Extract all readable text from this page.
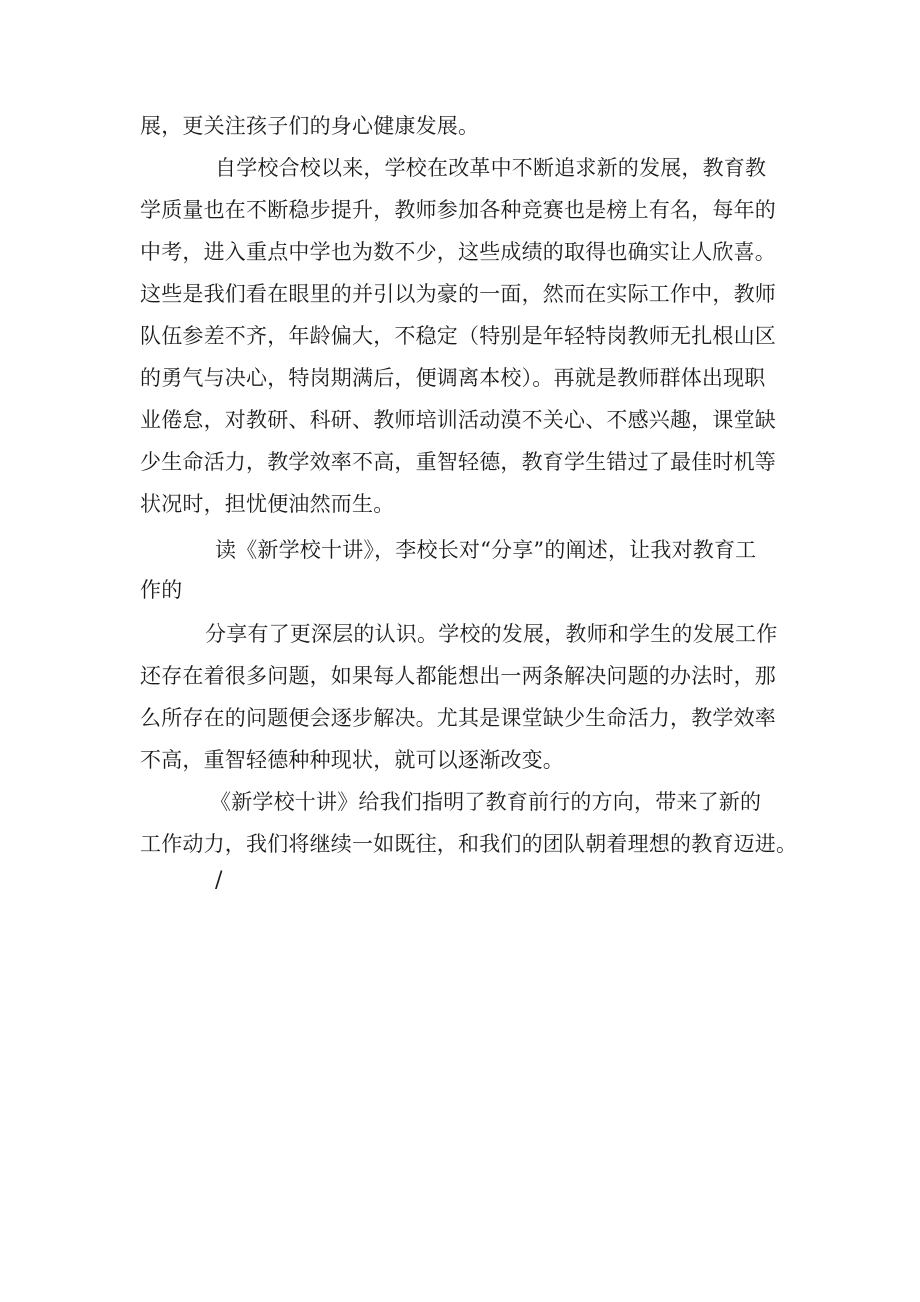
展，更关注孩子们的身心健康发展。
自学校合校以来，学校在改革中不断追求新的发展，教育教
学质量也在不断稳步提升，教师参加各种竞赛也是榜上有名，每年的
中考，进入重点中学也为数不少，这些成绩的取得也确实让人欣喜。
这些是我们看在眼里的并引以为豪的一面，然而在实际工作中，教师
队伍参差不齐，年龄偏大，不稳定（特别是年轻特岗教师无扎根山区
的勇气与决心，特岗期满后，便调离本校）。再就是教师群体出现职
业倦怠，对教研、科研、教师培训活动漠不关心、不感兴趣，课堂缺
少生命活力，教学效率不高，重智轻德，教育学生错过了最佳时机等
状况时，担忧便油然而生。
读《新学校十讲》，李校长对“分享”的阐述，让我对教育工
作的
分享有了更深层的认识。学校的发展，教师和学生的发展工作
还存在着很多问题，如果每人都能想出一两条解决问题的办法时，那
么所存在的问题便会逐步解决。尤其是课堂缺少生命活力，教学效率
不高，重智轻德种种现状，就可以逐渐改变。
《新学校十讲》给我们指明了教育前行的方向，带来了新的
工作动力，我们将继续一如既往，和我们的团队朝着理想的教育迈进。
/
